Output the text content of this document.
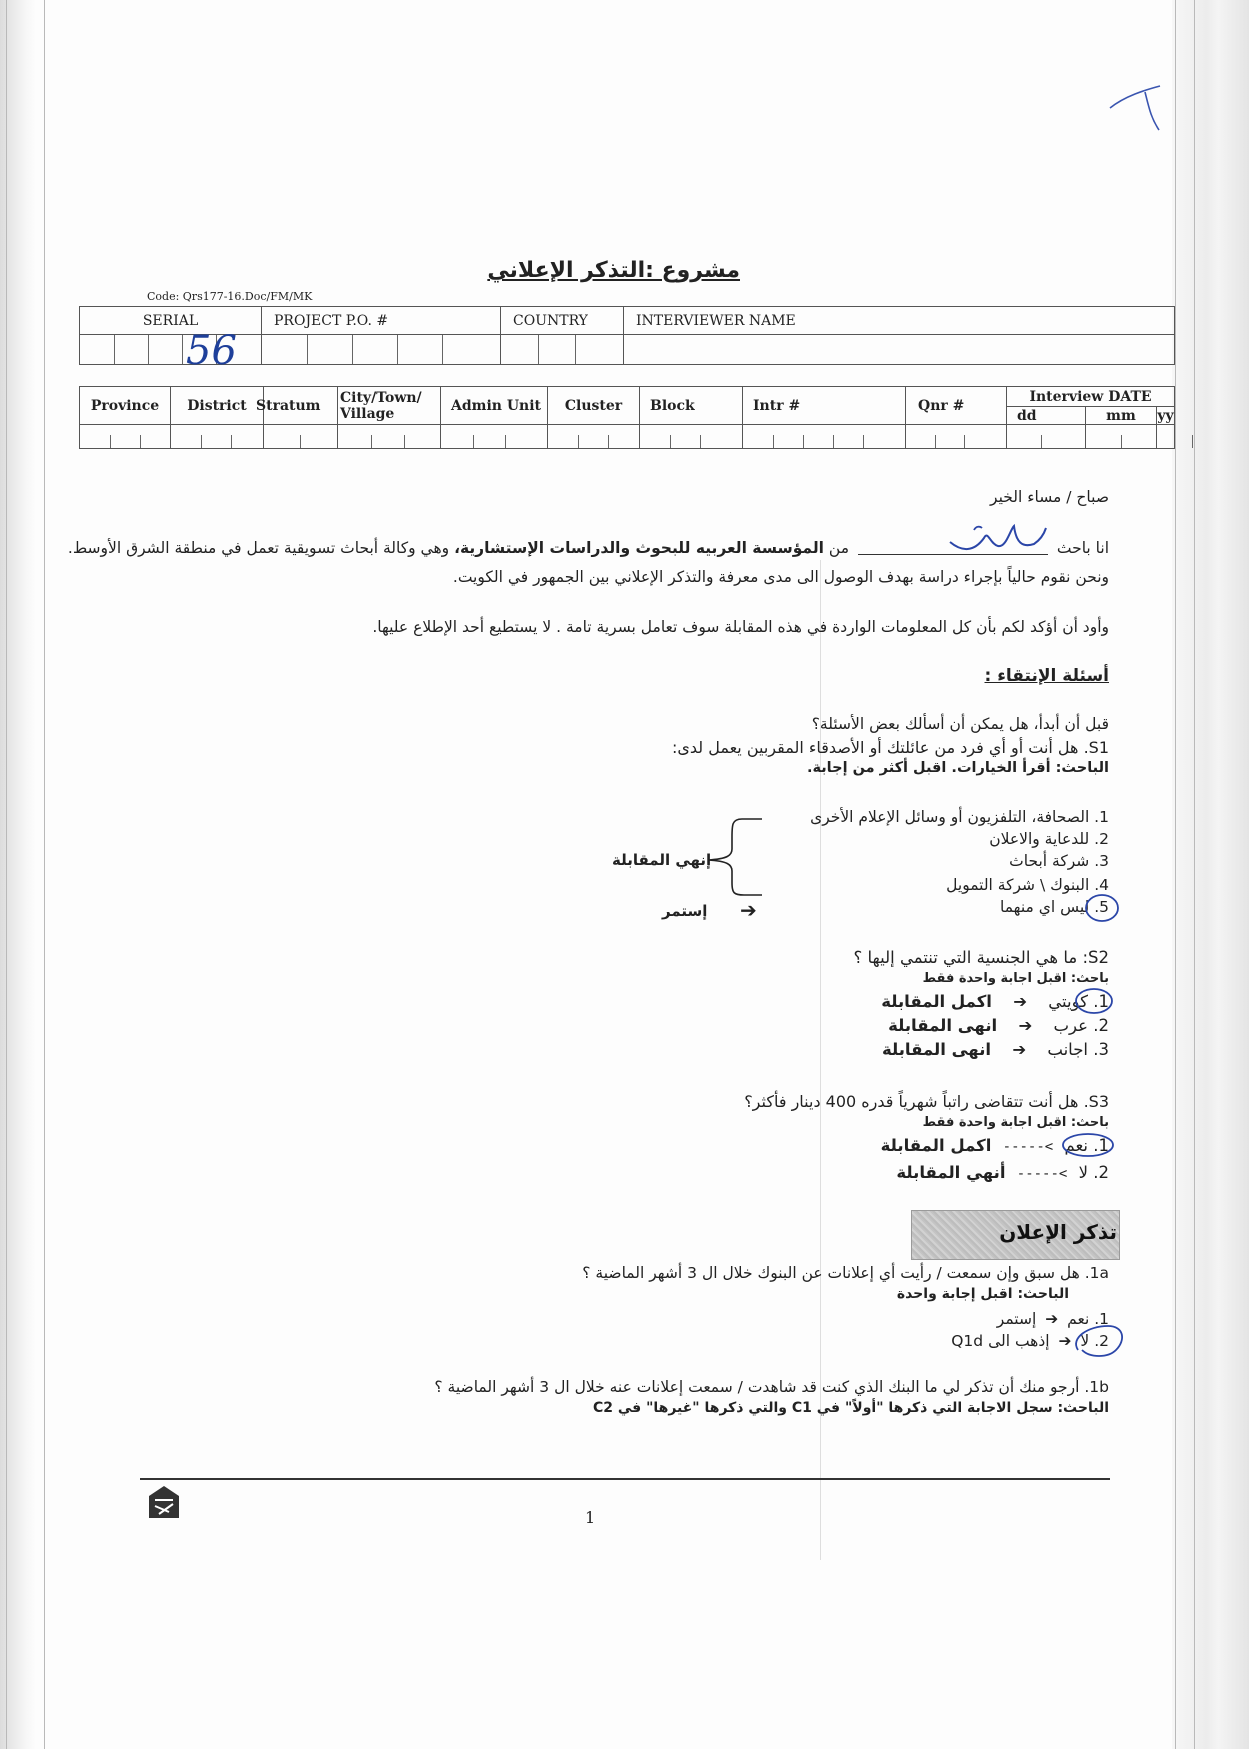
مشروع :التذكر الإعلاني
Code: Qrs177-16.Doc/FM/MK
SERIAL	PROJECT P.O. #	COUNTRY	INTERVIEWER NAME

56
Province	District	Stratum	City/Town/ Village	Admin Unit	Cluster	Block	Intr #	Qnr #	Interview DATE		
									dd	mm	yy

صباح / مساء الخير
انا باحث  من المؤسسة العربيه للبحوث والدراسات الإستشارية، وهي وكالة أبحاث تسويقية تعمل في منطقة الشرق الأوسط.
ونحن نقوم حالياً بإجراء دراسة بهدف الوصول الى مدى معرفة والتذكر الإعلاني بين الجمهور في الكويت.
وأود أن أؤكد لكم بأن كل المعلومات الواردة في هذه المقابلة سوف تعامل بسرية تامة . لا يستطيع أحد الإطلاع عليها.
أسئلة الإنتقاء :
قبل أن أبدأ، هل يمكن أن أسألك بعض الأسئلة؟
S1. هل أنت أو أي فرد من عائلتك أو الأصدقاء المقربين يعمل لدى:
الباحث: أقرأ الخيارات. اقبل أكثر من إجابة.
1. الصحافة، التلفزيون أو وسائل الإعلام الأخرى
2. للدعاية والاعلان
3. شركة أبحاث
4. البنوك \ شركة التمويل
5. ليس اي منهما
إنهي المقابلة
➔
إستمر
S2: ما هي الجنسية التي تنتمي إليها ؟
باحث: اقبل اجابة واحدة فقط
1. كويتي ➔ اكمل المقابلة
2. عرب ➔ انهى المقابلة
3. اجانب ➔ انهى المقابلة
S3. هل أنت تتقاضى راتباً شهرياً قدره 400 دينار فأكثر؟
باحث: اقبل اجابة واحدة فقط
1. نعم -----< اكمل المقابلة
2. لا -----< أنهي المقابلة
تذكر الإعلان
1a. هل سبق وإن سمعت / رأيت أي إعلانات عن البنوك خلال ال 3 أشهر الماضية ؟
الباحث: اقبل إجابة واحدة
1. نعم ➔ إستمر
2. لا ➔ إذهب الى Q1d
1b. أرجو منك أن تذكر لي ما البنك الذي كنت قد شاهدت / سمعت إعلانات عنه خلال ال 3 أشهر الماضية ؟
الباحث: سجل الاجابة التي ذكرها "أولاً" في C1 والتي ذكرها "غيرها" في C2
1
